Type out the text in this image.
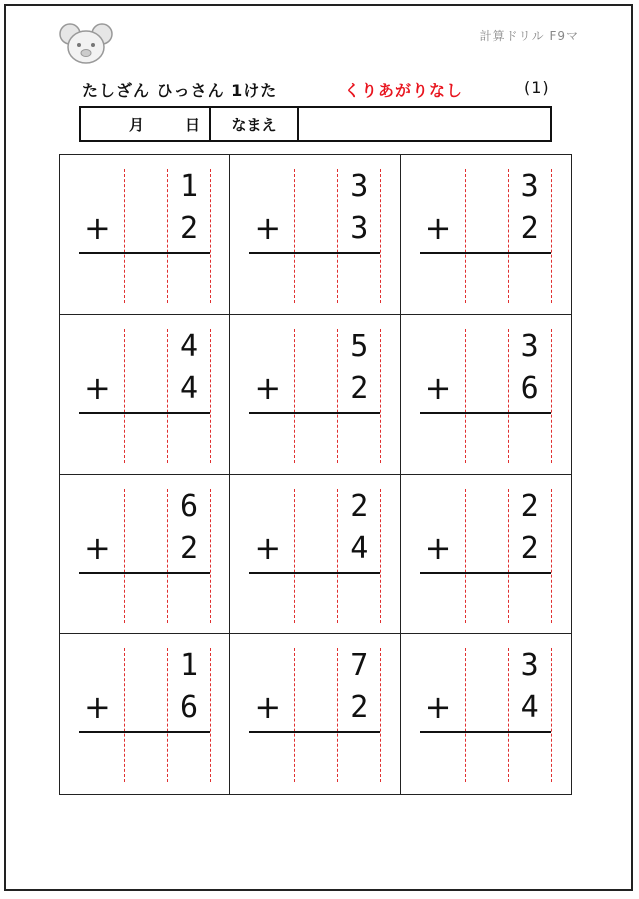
計算ドリル F9マ
たしざん ひっさん 1けた	くりあがりなし	(1)
月	日	なまえ
1
+ 2
3
+ 3
3
+ 2
4
+ 4
5
+ 2
3
+ 6
6
+ 2
2
+ 4
2
+ 2
1
+ 6
7
+ 2
3
+ 4
